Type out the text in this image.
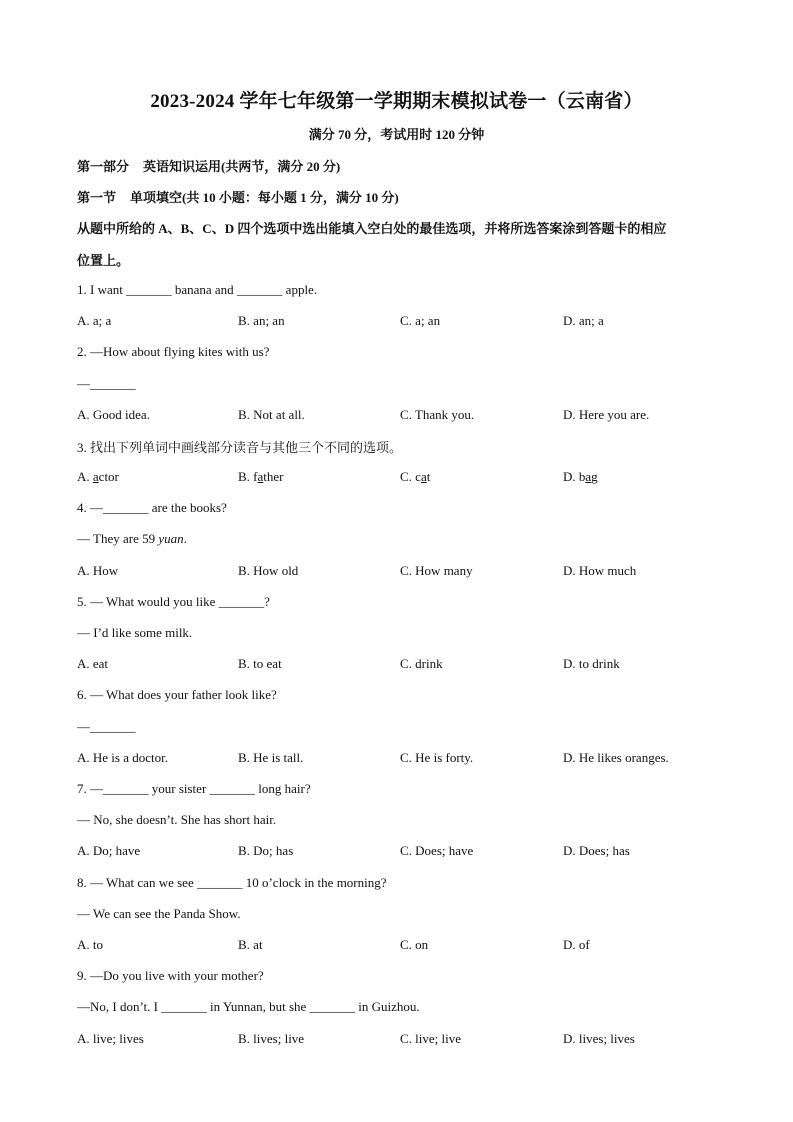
2023-2024 学年七年级第一学期期末模拟试卷一（云南省）
满分 70 分，考试用时 120 分钟
第一部分 英语知识运用(共两节，满分 20 分)
第一节 单项填空(共 10 小题：每小题 1 分，满分 10 分)
从题中所给的 A、B、C、D 四个选项中选出能填入空白处的最佳选项，并将所选答案涂到答题卡的相应
位置上。
1. I want _______ banana and _______ apple.
A. a; a	B. an; an	C. a; an	D. an; a
2. —How about flying kites with us?
—_______
A. Good idea.	B. Not at all.	C. Thank you.	D. Here you are.
3. 找出下列单词中画线部分读音与其他三个不同的选项。
A. actor	B. father	C. cat	D. bag
4. —_______ are the books?
— They are 59 yuan.
A. How	B. How old	C. How many	D. How much
5. — What would you like _______?
— I’d like some milk.
A. eat	B. to eat	C. drink	D. to drink
6. — What does your father look like?
—_______
A. He is a doctor.	B. He is tall.	C. He is forty.	D. He likes oranges.
7. —_______ your sister _______ long hair?
— No, she doesn’t. She has short hair.
A. Do; have	B. Do; has	C. Does; have	D. Does; has
8. — What can we see _______ 10 o’clock in the morning?
— We can see the Panda Show.
A. to	B. at	C. on	D. of
9. —Do you live with your mother?
—No, I don’t. I _______ in Yunnan, but she _______ in Guizhou.
A. live; lives	B. lives; live	C. live; live	D. lives; lives
